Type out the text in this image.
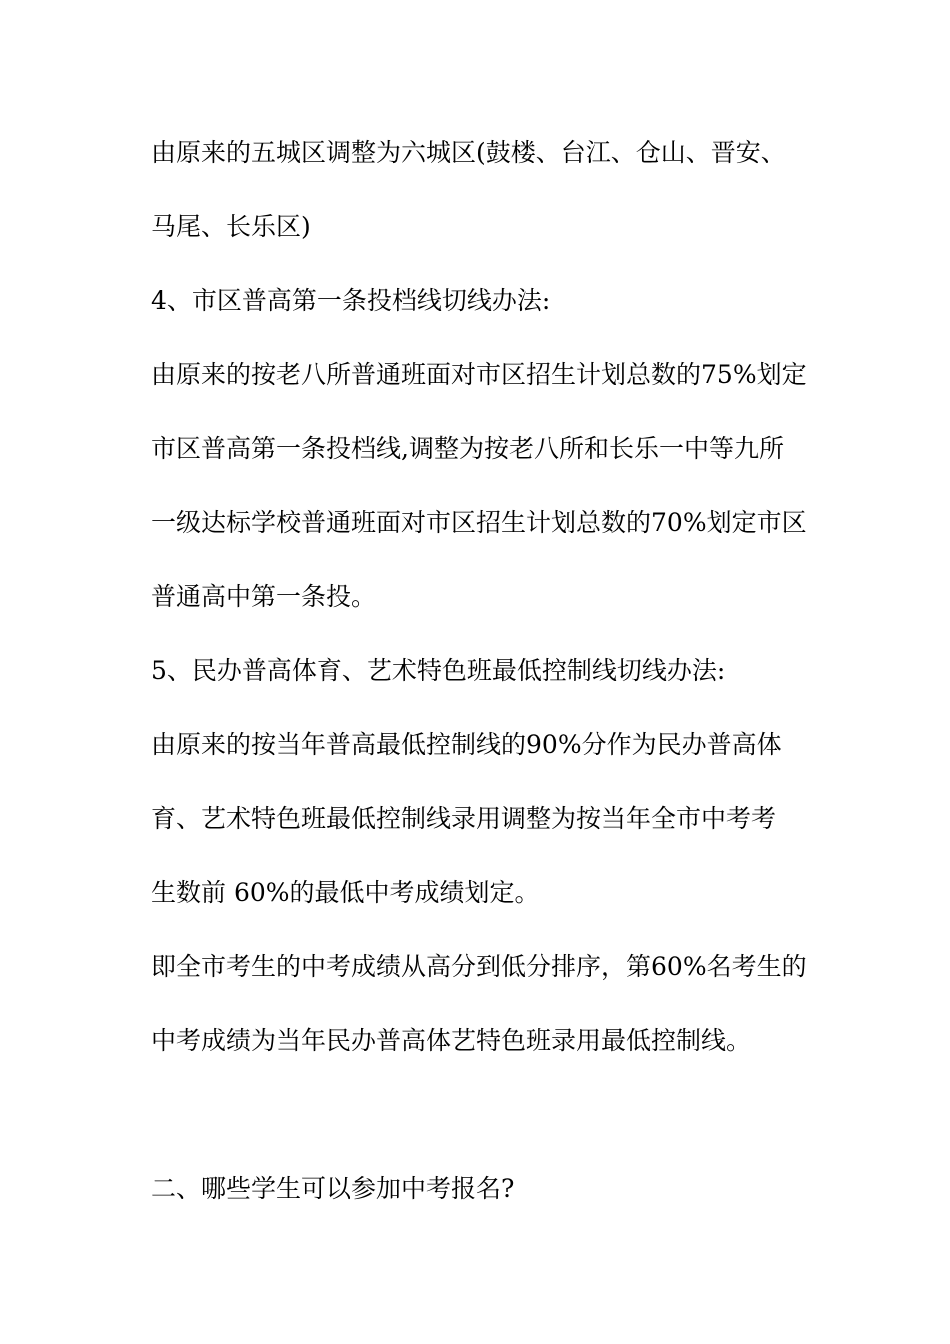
由原来的五城区调整为六城区(鼓楼、台江、仓山、晋安、
马尾、长乐区)
4、市区普高第一条投档线切线办法:
由原来的按老八所普通班面对市区招生计划总数的75%划定
市区普高第一条投档线,调整为按老八所和长乐一中等九所
一级达标学校普通班面对市区招生计划总数的70%划定市区
普通高中第一条投。
5、民办普高体育、艺术特色班最低控制线切线办法:
由原来的按当年普高最低控制线的90%分作为民办普高体
育、艺术特色班最低控制线录用调整为按当年全市中考考
生数前 60%的最低中考成绩划定。
即全市考生的中考成绩从高分到低分排序，第60%名考生的
中考成绩为当年民办普高体艺特色班录用最低控制线。
二、哪些学生可以参加中考报名?
